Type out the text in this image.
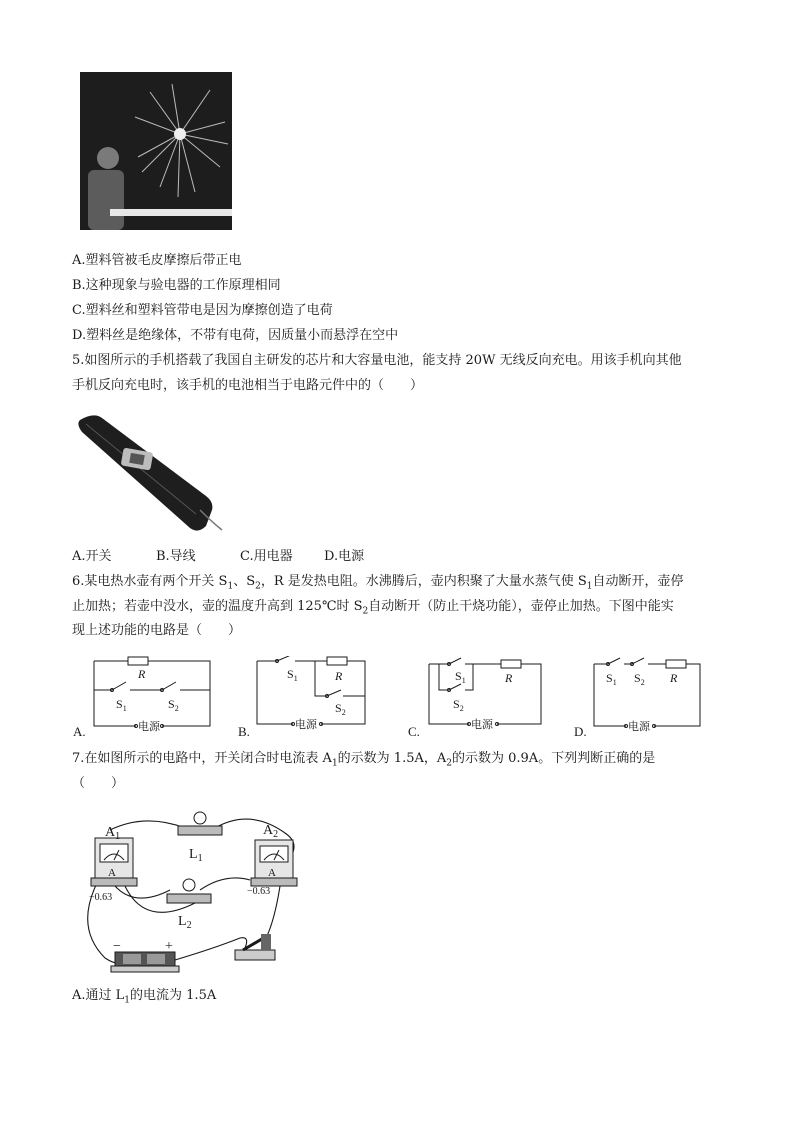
A.塑料管被毛皮摩擦后带正电
B.这种现象与验电器的工作原理相同
C.塑料丝和塑料管带电是因为摩擦创造了电荷
D.塑料丝是绝缘体，不带有电荷，因质量小而悬浮在空中
5.如图所示的手机搭载了我国自主研发的芯片和大容量电池，能支持 20W 无线反向充电。用该手机向其他
手机反向充电时，该手机的电池相当于电路元件中的（　　）
A.开关	B.导线	C.用电器 D.电源
6.某电热水壶有两个开关 $S_1$、$S_2$，R 是发热电阻。水沸腾后，壶内积聚了大量水蒸气使 $S_1$自动断开，壶停
止加热；若壶中没水，壶的温度升高到 125℃时 $S_2$自动断开（防止干烧功能），壶停止加热。下图中能实
现上述功能的电路是（　　）
R
$S_1$	$S_2$
电源
A.
$S_1$	R
$S_2$
电源
B.
$S_1$	R
$S_2$
电源
C.
$S_1$ $S_2$ R
电源
D.
7.在如图所示的电路中，开关闭合时电流表 $A_1$的示数为 1.5A，$A_2$的示数为 0.9A。下列判断正确的是
（　　）
$A_1$
A
−0.63
$L_1$
$A_2$
A
−0.63
$L_2$
−	+
A.通过 $L_1$的电流为 1.5A
